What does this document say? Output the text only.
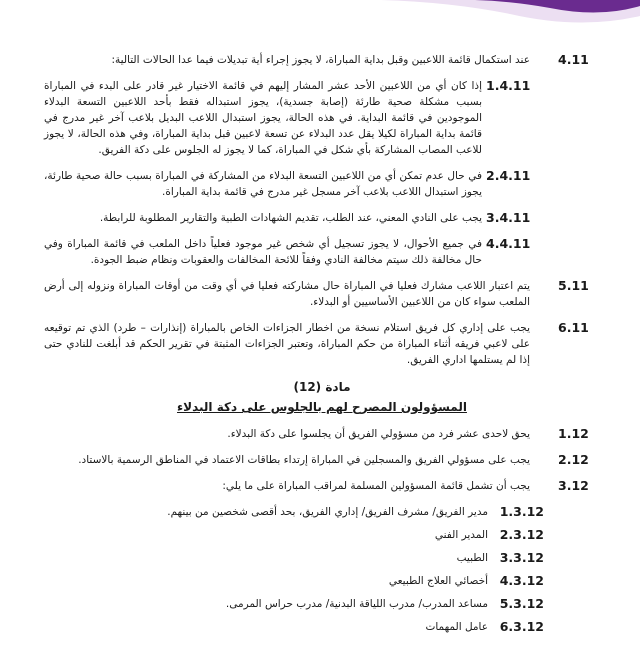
4.11
عند استكمال قائمة اللاعبين وقبل بداية المباراة، لا يجوز إجراء أية تبديلات فيما عدا الحالات التالية:
1.4.11
إذا كان أي من اللاعبين الأحد عشر المشار إليهم في قائمة الاختيار غير قادر على البدء في المباراة بسبب مشكلة صحية طارئة (إصابة جسدية)، يجوز استبداله فقط بأحد اللاعبين التسعة البدلاء الموجودين في قائمة البداية. في هذه الحالة، يجوز استبدال اللاعب البديل بلاعب آخر غير مدرج في قائمة بداية المباراة لكيلا يقل عدد البدلاء عن تسعة لاعبين قبل بداية المباراة، وفي هذه الحالة، لا يجوز للاعب المصاب المشاركة بأي شكل في المباراة، كما لا يجوز له الجلوس على دكة الفريق.
2.4.11
في حال عدم تمكن أي من اللاعبين التسعة البدلاء من المشاركة في المباراة بسبب حالة صحية طارئة، يجوز استبدال اللاعب بلاعب آخر مسجل غير مدرج في قائمة بداية المباراة.
3.4.11
يجب على النادي المعني، عند الطلب، تقديم الشهادات الطبية والتقارير المطلوبة للرابطة.
4.4.11
في جميع الأحوال، لا يجوز تسجيل أي شخص غير موجود فعلياً داخل الملعب في قائمة المباراة وفي حال مخالفة ذلك سيتم مخالفة النادي وفقاً للائحة المخالفات والعقوبات ونظام ضبط الجودة.
5.11
يتم اعتبار اللاعب مشارك فعليا في المباراة حال مشاركته فعليا في أي وقت من أوقات المباراة ونزوله إلى أرض الملعب سواء كان من اللاعبين الأساسيين أو البدلاء.
6.11
يجب على إداري كل فريق استلام نسخة من اخطار الجزاءات الخاص بالمباراة (إنذارات – طرد) الذي تم توقيعه على لاعبي فريقه أثناء المباراة من حكم المباراة، وتعتبر الجزاءات المثبتة في تقرير الحكم قد أبلغت للنادي حتى إذا لم يستلمها اداري الفريق.
مادة (12)
المسؤولون المصرح لهم بالجلوس على دكة البدلاء
1.12
يحق لاحدى عشر فرد من مسؤولي الفريق أن يجلسوا على دكة البدلاء.
2.12
يجب على مسؤولي الفريق والمسجلين في المباراة إرتداء بطاقات الاعتماد في المناطق الرسمية بالاستاد.
3.12
يجب أن تشمل قائمة المسؤولين المسلمة لمراقب المباراة على ما يلي:
1.3.12
مدير الفريق/ مشرف الفريق/ إداري الفريق، بحد أقصى شخصين من بينهم.
2.3.12
المدير الفني
3.3.12
الطبيب
4.3.12
أخصائي العلاج الطبيعي
5.3.12
مساعد المدرب/ مدرب اللياقة البدنية/ مدرب حراس المرمى.
6.3.12
عامل المهمات
